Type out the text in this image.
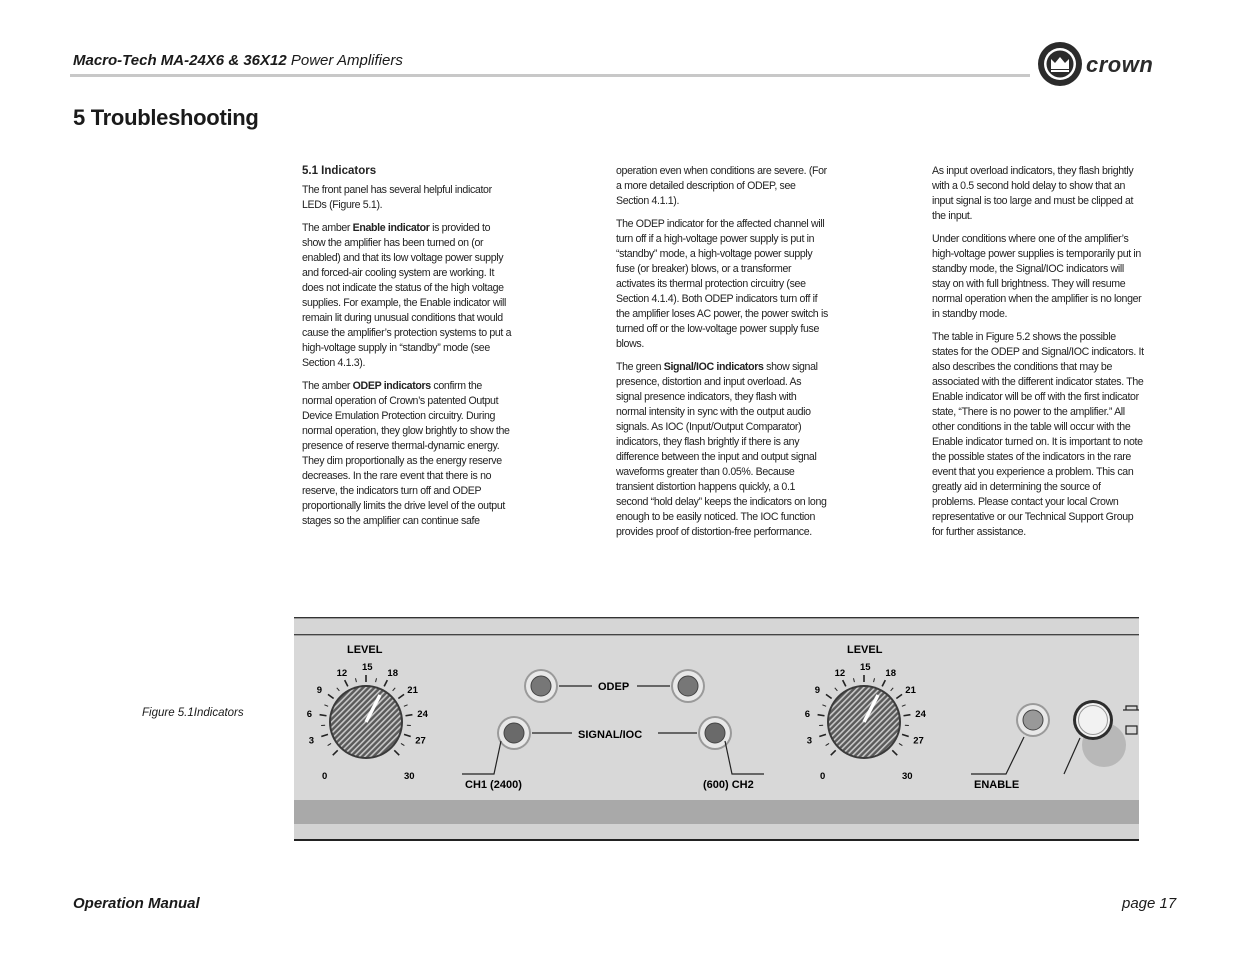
Macro-Tech MA-24X6 & 36X12 Power Amplifiers	crown
5 Troubleshooting
5.1 Indicators

The front panel has several helpful indicator LEDs (Figure 5.1).

The amber Enable indicator is provided to show the amplifier has been turned on (or enabled) and that its low voltage power supply and forced-air cooling system are working. It does not indicate the status of the high voltage supplies. For example, the Enable indicator will remain lit during unusual conditions that would cause the amplifier’s protection systems to put a high-voltage supply in “standby” mode (see Section 4.1.3).

The amber ODEP indicators confirm the normal operation of Crown’s patented Output Device Emulation Protection circuitry. During normal operation, they glow brightly to show the presence of reserve thermal-dynamic energy. They dim proportionally as the energy reserve decreases. In the rare event that there is no reserve, the indicators turn off and ODEP proportionally limits the drive level of the output stages so the amplifier can continue safe

operation even when conditions are severe. (For a more detailed description of ODEP, see Section 4.1.1).

The ODEP indicator for the affected channel will turn off if a high-voltage power supply is put in “standby” mode, a high-voltage power supply fuse (or breaker) blows, or a transformer activates its thermal protection circuitry (see Section 4.1.4). Both ODEP indicators turn off if the amplifier loses AC power, the power switch is turned off or the low-voltage power supply fuse blows.

The green Signal/IOC indicators show signal presence, distortion and input overload. As signal presence indicators, they flash with normal intensity in sync with the output audio signals. As IOC (Input/Output Comparator) indicators, they flash brightly if there is any difference between the input and output signal waveforms greater than 0.05%. Because transient distortion happens quickly, a 0.1 second “hold delay” keeps the indicators on long enough to be easily noticed. The IOC function provides proof of distortion-free performance.

As input overload indicators, they flash brightly with a 0.5 second hold delay to show that an input signal is too large and must be clipped at the input.

Under conditions where one of the amplifier’s high-voltage power supplies is temporarily put in standby mode, the Signal/IOC indicators will stay on with full brightness. They will resume normal operation when the amplifier is no longer in standby mode.

The table in Figure 5.2 shows the possible states for the ODEP and Signal/IOC indicators. It also describes the conditions that may be associated with the different indicator states. The Enable indicator will be off with the first indicator state, “There is no power to the amplifier.” All other conditions in the table will occur with the Enable indicator turned on. It is important to note the possible states of the indicators in the rare event that you experience a problem. This can greatly aid in determining the source of problems. Please contact your local Crown representative or our Technical Support Group for further assistance.

Figure 5.1Indicators
LEVEL
0
3
6
9
12
15
18
21
24
27
30
LEVEL
0
3
6
9
12
15
18
21
24
27
30
ODEP
SIGNAL/IOC
CH1 (2400)	(600) CH2	ENABLE
Operation Manual	page 17
